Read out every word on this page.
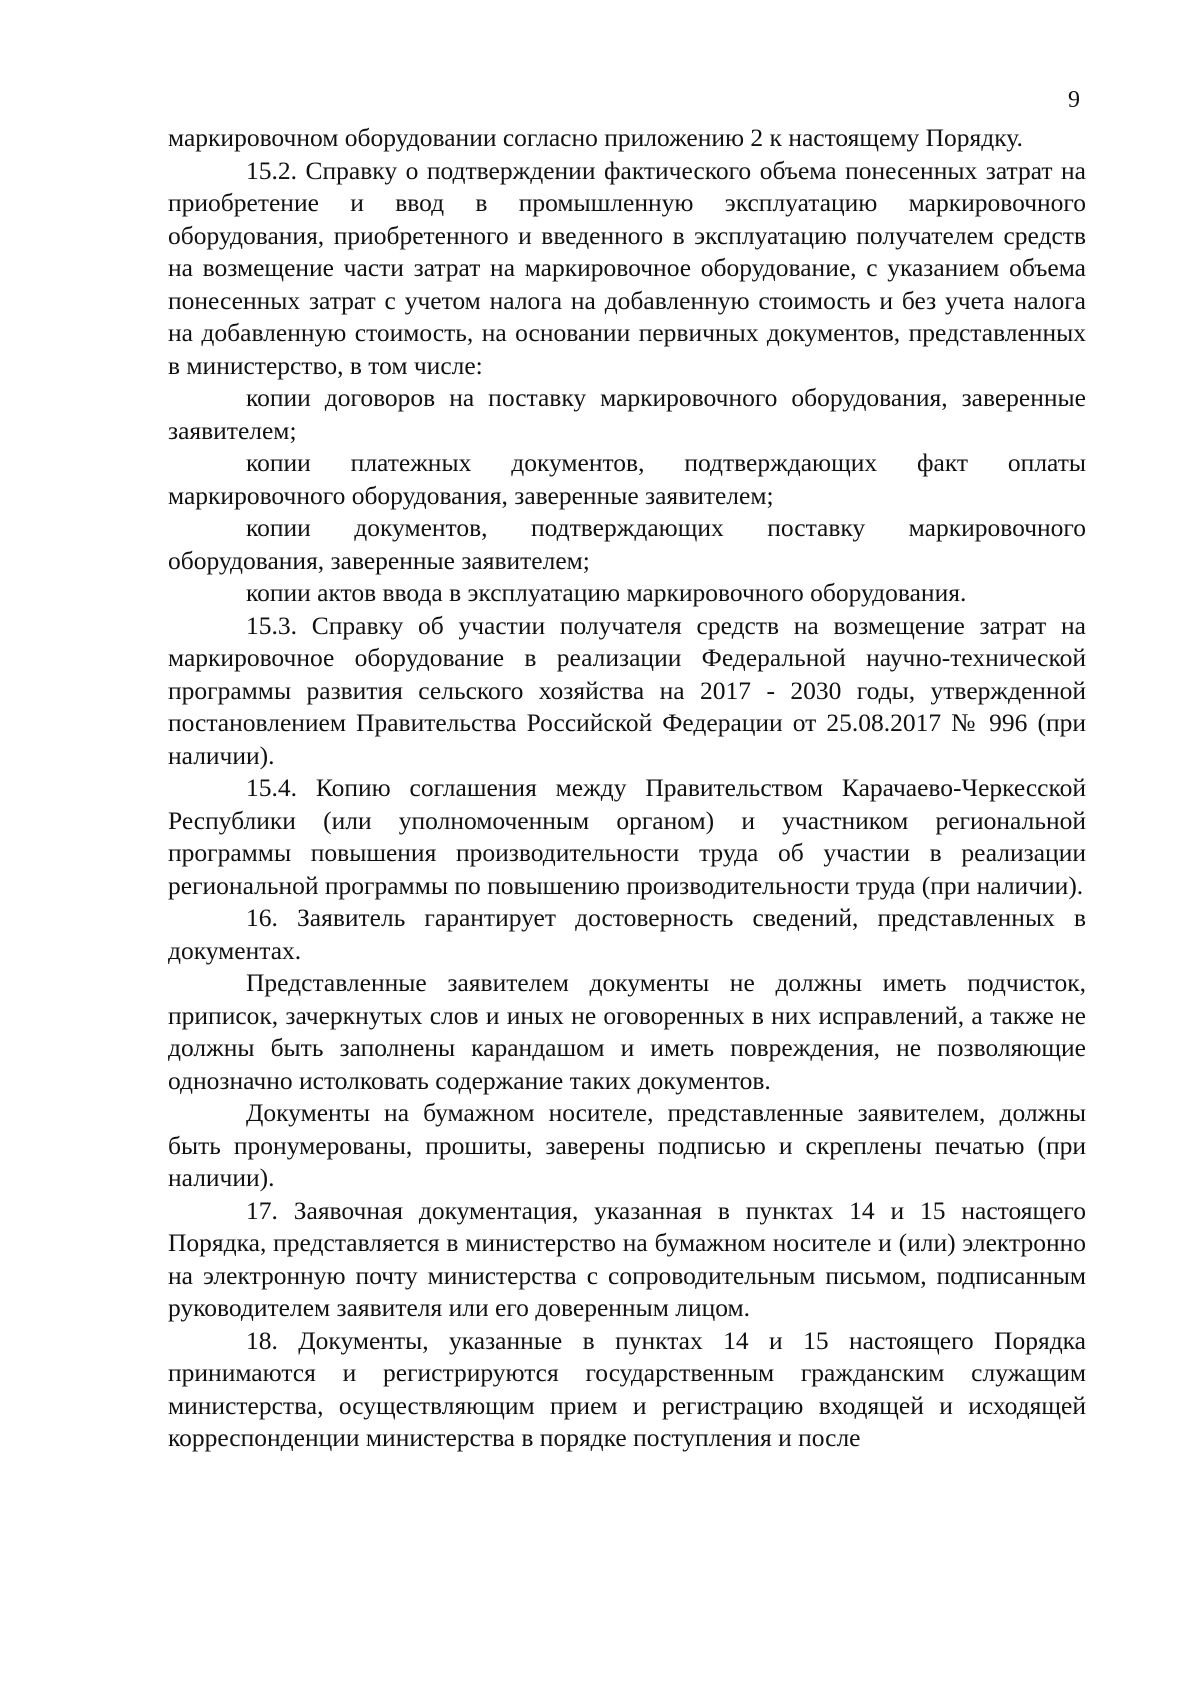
9

маркировочном оборудовании согласно приложению 2 к настоящему Порядку.

15.2. Справку о подтверждении фактического объема понесенных затрат на приобретение и ввод в промышленную эксплуатацию маркировочного оборудования, приобретенного и введенного в эксплуатацию получателем средств на возмещение части затрат на маркировочное оборудование, с указанием объема понесенных затрат с учетом налога на добавленную стоимость и без учета налога на добавленную стоимость, на основании первичных документов, представленных в министерство, в том числе:

копии договоров на поставку маркировочного оборудования, заверенные заявителем;

копии платежных документов, подтверждающих факт оплаты маркировочного оборудования, заверенные заявителем;

копии документов, подтверждающих поставку маркировочного оборудования, заверенные заявителем;

копии актов ввода в эксплуатацию маркировочного оборудования.

15.3. Справку об участии получателя средств на возмещение затрат на маркировочное оборудование в реализации Федеральной научно-технической программы развития сельского хозяйства на 2017 - 2030 годы, утвержденной постановлением Правительства Российской Федерации от 25.08.2017 № 996 (при наличии).

15.4. Копию соглашения между Правительством Карачаево-Черкесской Республики (или уполномоченным органом) и участником региональной программы повышения производительности труда об участии в реализации региональной программы по повышению производительности труда (при наличии).

16. Заявитель гарантирует достоверность сведений, представленных в документах.

Представленные заявителем документы не должны иметь подчисток, приписок, зачеркнутых слов и иных не оговоренных в них исправлений, а также не должны быть заполнены карандашом и иметь повреждения, не позволяющие однозначно истолковать содержание таких документов.

Документы на бумажном носителе, представленные заявителем, должны быть пронумерованы, прошиты, заверены подписью и скреплены печатью (при наличии).

17. Заявочная документация, указанная в пунктах 14 и 15 настоящего Порядка, представляется в министерство на бумажном носителе и (или) электронно на электронную почту министерства с сопроводительным письмом, подписанным руководителем заявителя или его доверенным лицом.

18. Документы, указанные в пунктах 14 и 15 настоящего Порядка принимаются и регистрируются государственным гражданским служащим министерства, осуществляющим прием и регистрацию входящей и исходящей корреспонденции министерства в порядке поступления и после
